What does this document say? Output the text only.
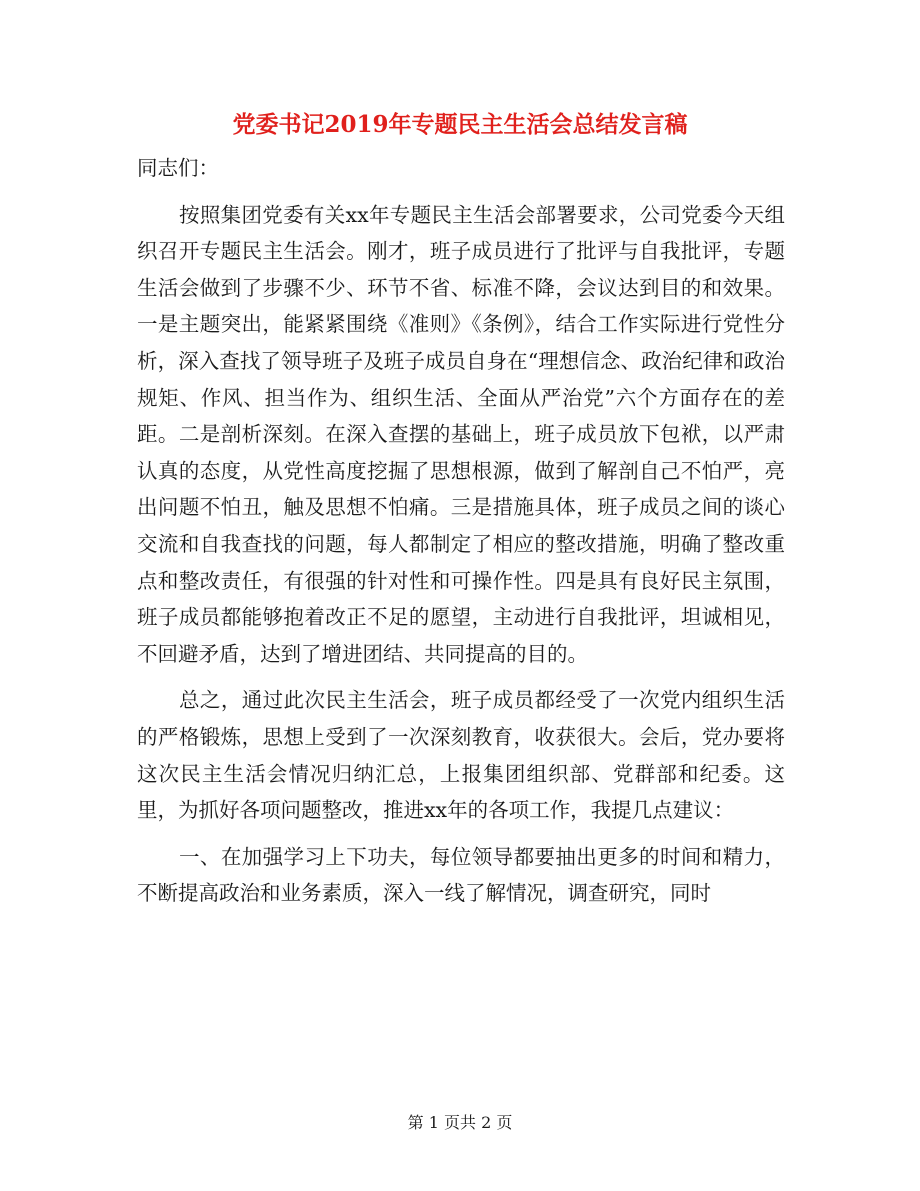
党委书记2019年专题民主生活会总结发言稿

同志们：

按照集团党委有关xx年专题民主生活会部署要求，公司党委今天组织召开专题民主生活会。刚才，班子成员进行了批评与自我批评，专题生活会做到了步骤不少、环节不省、标准不降，会议达到目的和效果。一是主题突出，能紧紧围绕《准则》《条例》，结合工作实际进行党性分析，深入查找了领导班子及班子成员自身在“理想信念、政治纪律和政治规矩、作风、担当作为、组织生活、全面从严治党”六个方面存在的差距。二是剖析深刻。在深入查摆的基础上，班子成员放下包袱，以严肃认真的态度，从党性高度挖掘了思想根源，做到了解剖自己不怕严，亮出问题不怕丑，触及思想不怕痛。三是措施具体，班子成员之间的谈心交流和自我查找的问题，每人都制定了相应的整改措施，明确了整改重点和整改责任，有很强的针对性和可操作性。四是具有良好民主氛围，班子成员都能够抱着改正不足的愿望，主动进行自我批评，坦诚相见，不回避矛盾，达到了增进团结、共同提高的目的。

总之，通过此次民主生活会，班子成员都经受了一次党内组织生活的严格锻炼，思想上受到了一次深刻教育，收获很大。会后，党办要将这次民主生活会情况归纳汇总，上报集团组织部、党群部和纪委。这里，为抓好各项问题整改，推进xx年的各项工作，我提几点建议：

一、在加强学习上下功夫，每位领导都要抽出更多的时间和精力，不断提高政治和业务素质，深入一线了解情况，调查研究，同时

第 1 页共 2 页
